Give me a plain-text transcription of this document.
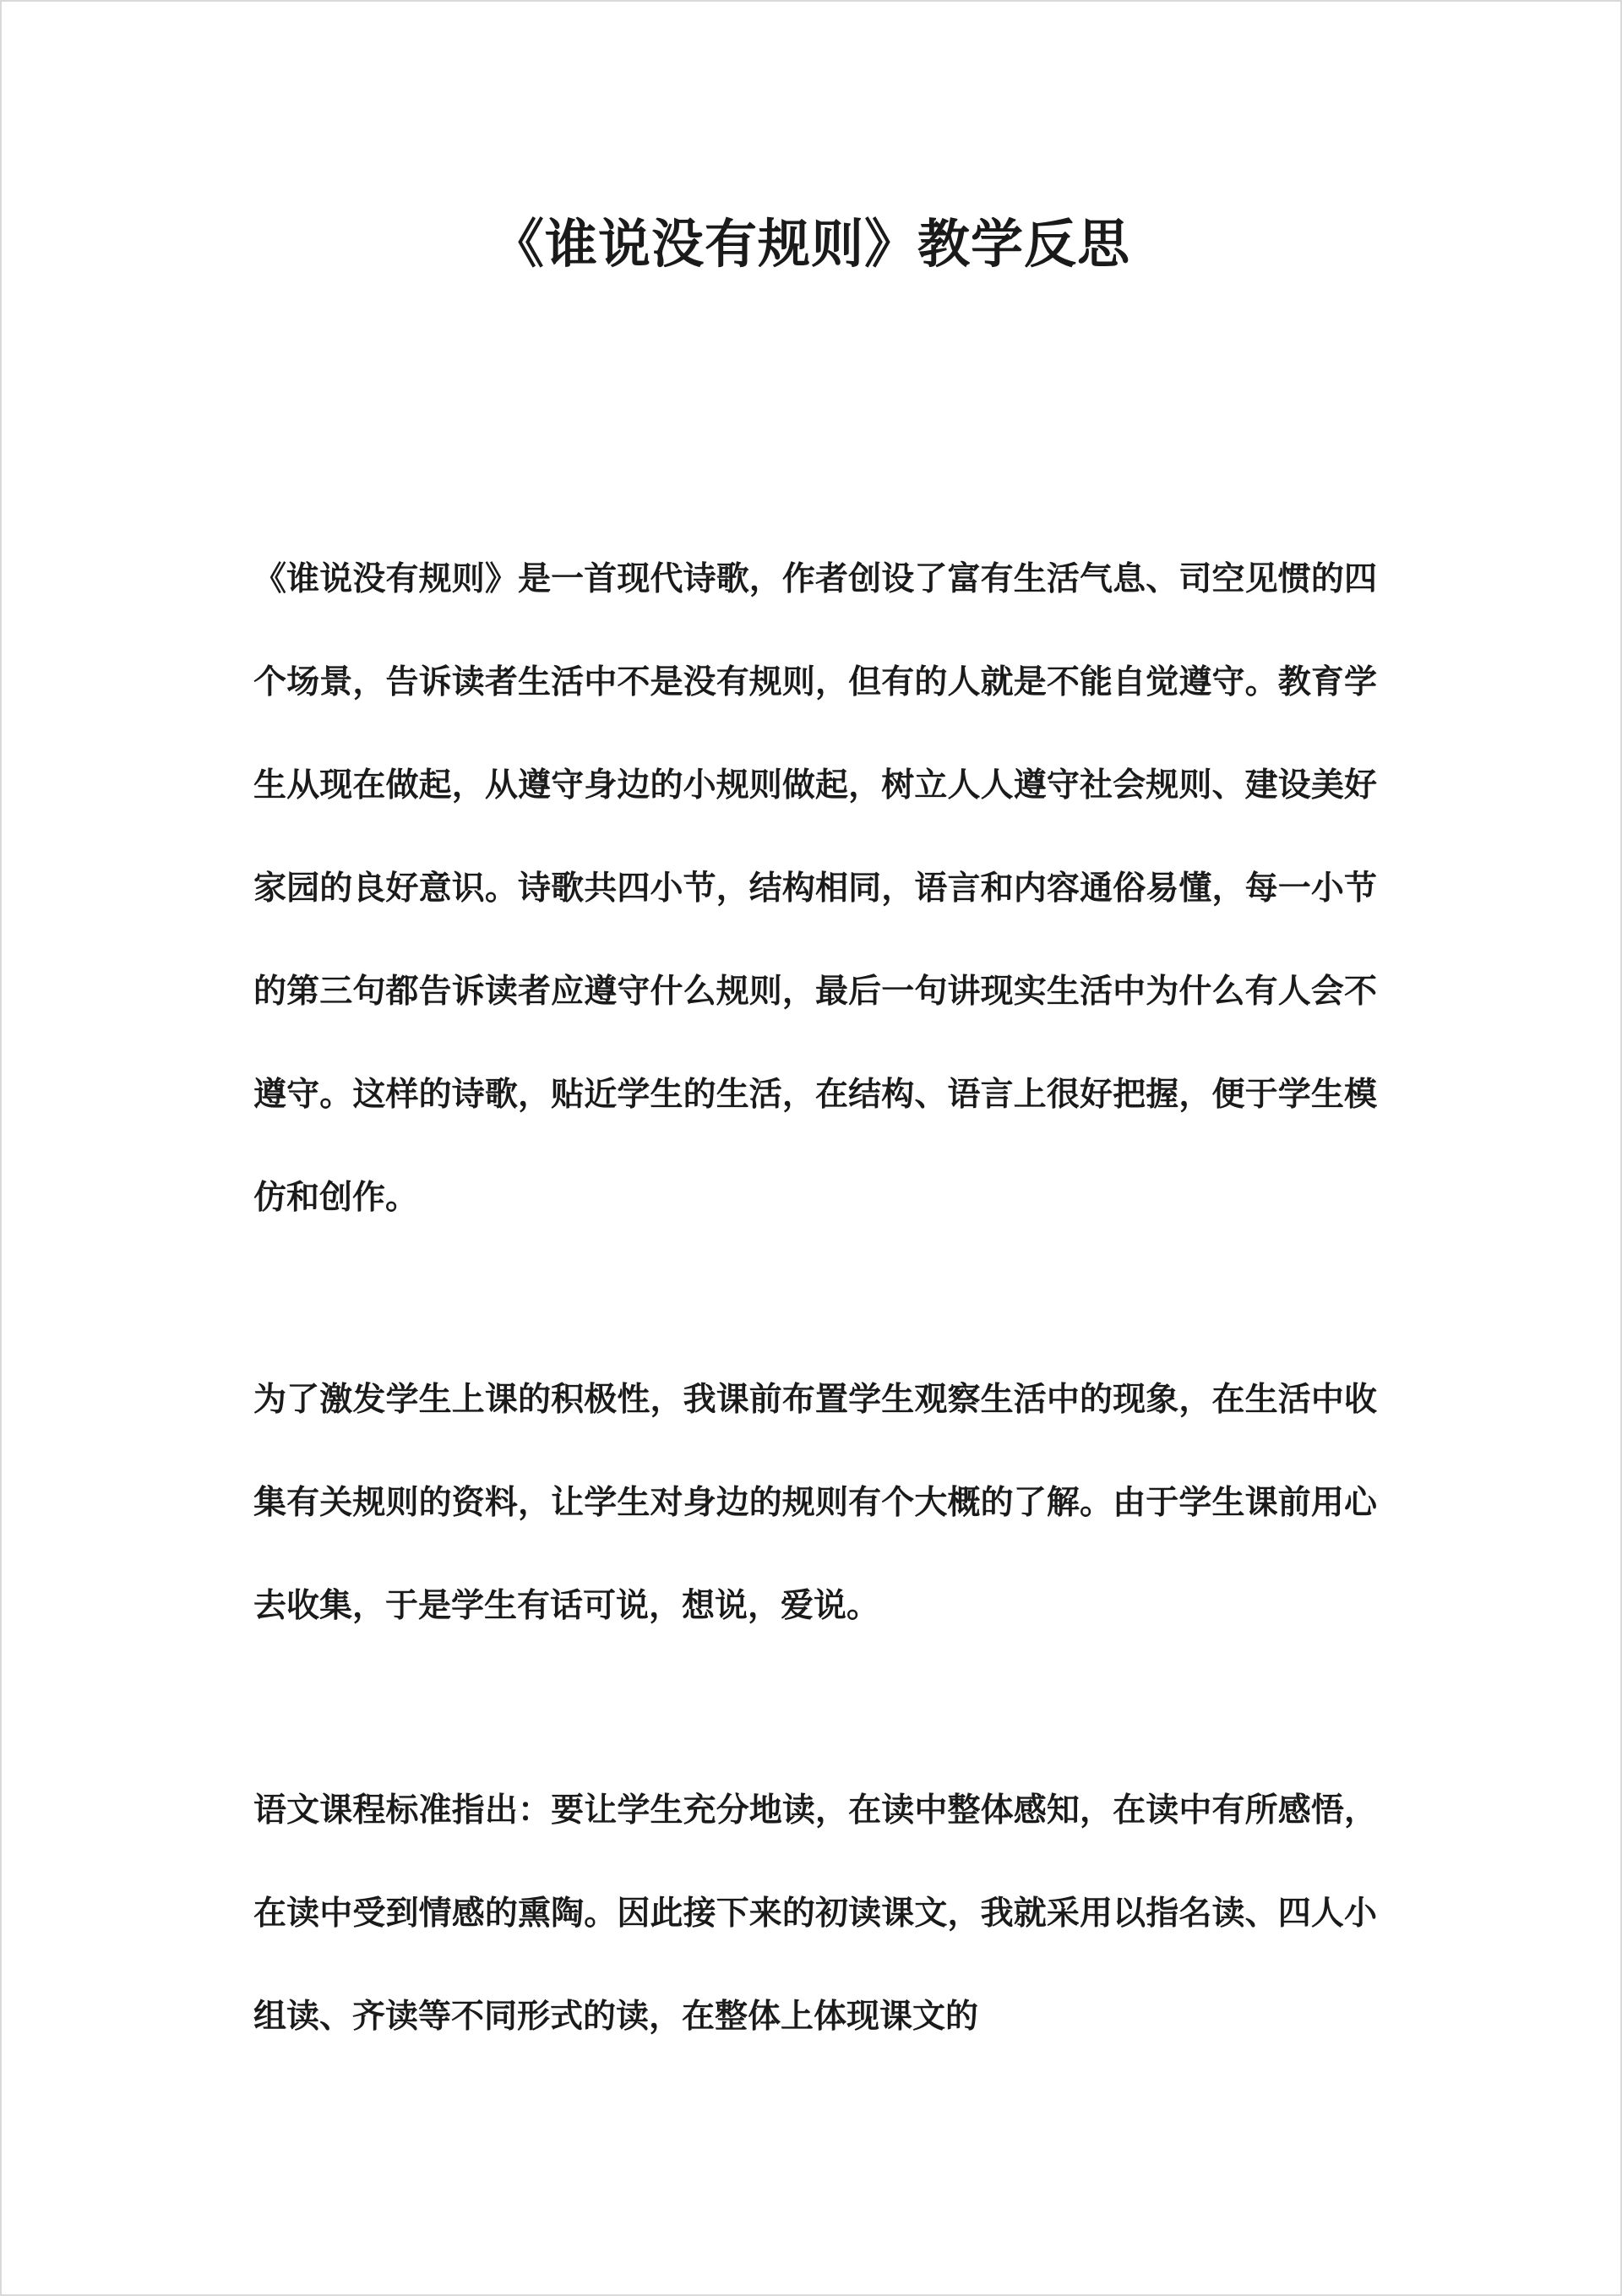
《谁说没有规则》教学反思

《谁说没有规则》是一首现代诗歌，作者创设了富有生活气息、司空见惯的四个场景，告诉读者生活中不是没有规则，但有的人就是不能自觉遵守。教育学生从现在做起，从遵守身边的小规则做起，树立人人遵守社会规则、建设美好家园的良好意识。诗歌共四小节，结构相同，语言和内容通俗易懂，每一小节的第三句都告诉读者应遵守什么规则，最后一句讲现实生活中为什么有人会不遵守。这样的诗歌，贴近学生的生活，在结构、语言上很好把握，便于学生模仿和创作。

为了激发学生上课的积极性，我课前布置学生观察生活中的现象，在生活中收集有关规则的资料，让学生对身边的规则有个大概的了解。由于学生课前用心去收集，于是学生有话可说，想说，爱说。

语文课程标准指出：要让学生充分地读，在读中整体感知，在读中有所感悟，在读中受到情感的熏陶。因此接下来的初读课文，我就采用以指名读、四人小组读、齐读等不同形式的读，在整体上体现课文的
